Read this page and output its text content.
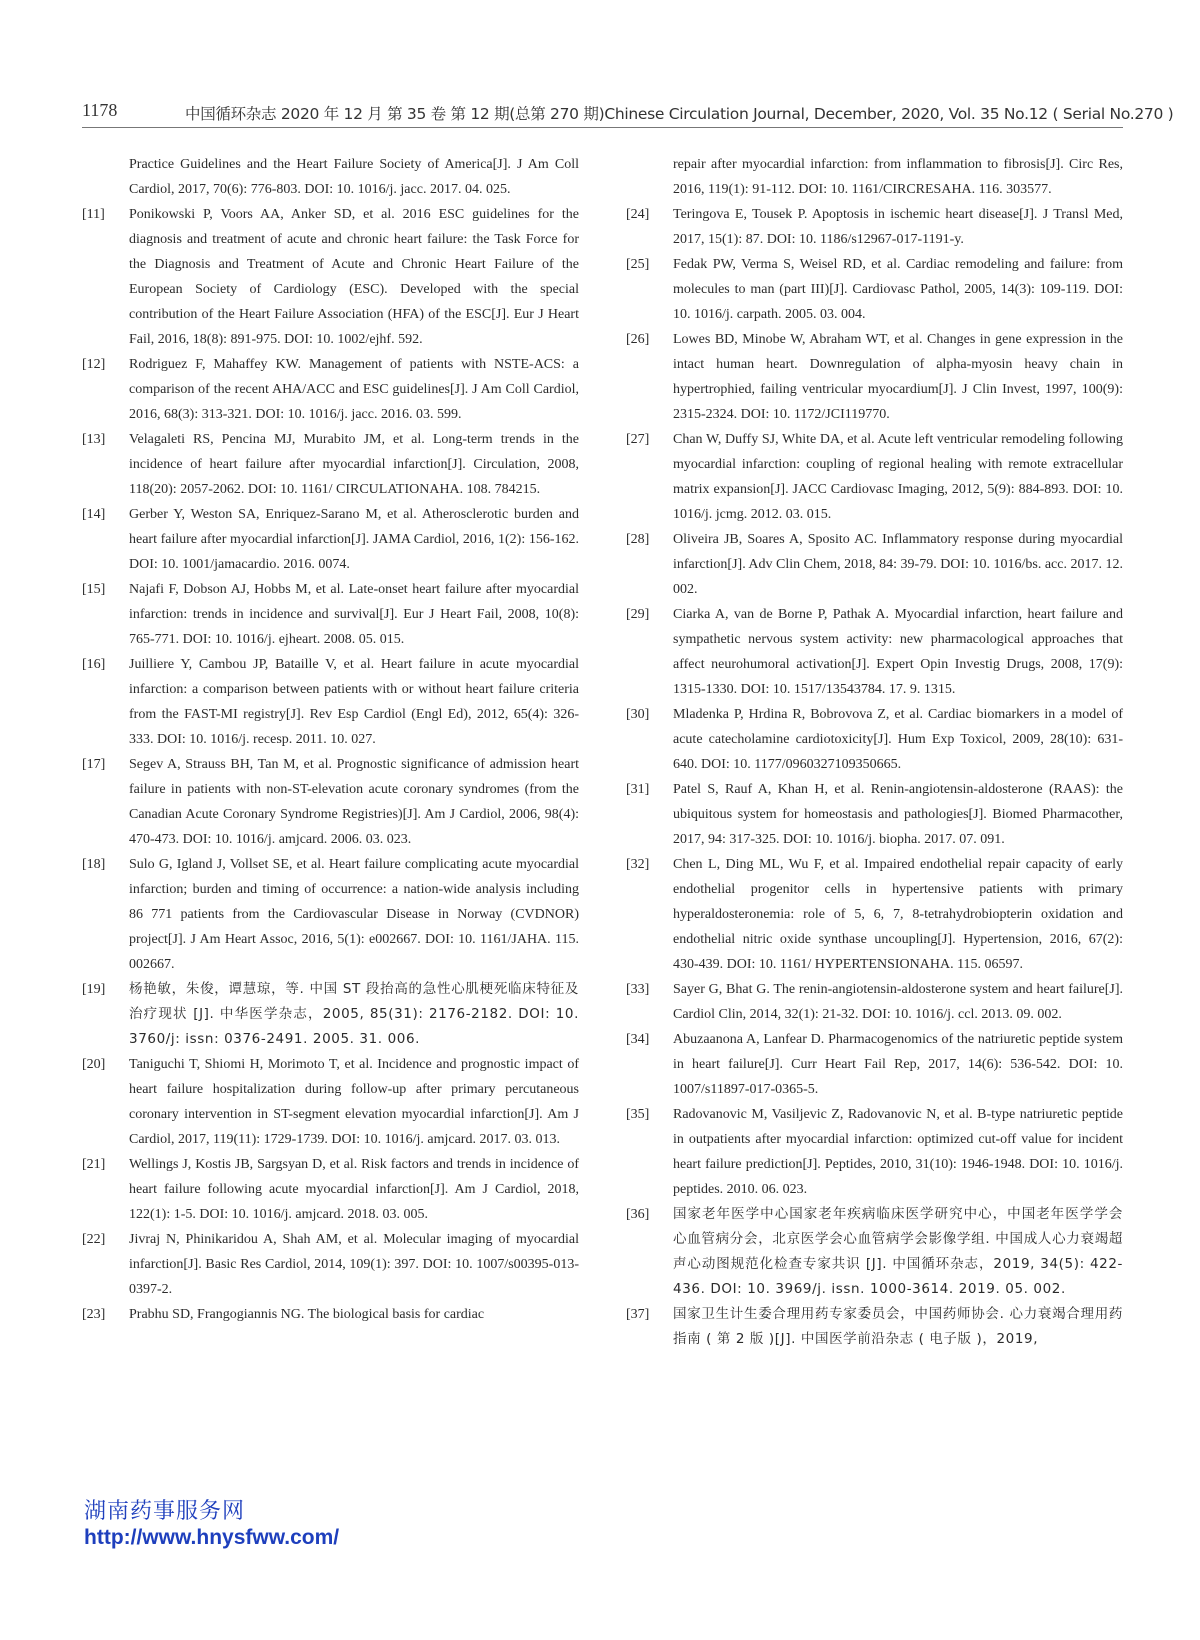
1178	中国循环杂志 2020 年 12 月 第 35 卷 第 12 期(总第 270 期)Chinese Circulation Journal, December, 2020, Vol. 35 No.12 ( Serial No.270 )
Practice Guidelines and the Heart Failure Society of America[J]. J Am Coll Cardiol, 2017, 70(6): 776-803. DOI: 10. 1016/j. jacc. 2017. 04. 025.
[11]	Ponikowski P, Voors AA, Anker SD, et al. 2016 ESC guidelines for the diagnosis and treatment of acute and chronic heart failure: the Task Force for the Diagnosis and Treatment of Acute and Chronic Heart Failure of the European Society of Cardiology (ESC). Developed with the special contribution of the Heart Failure Association (HFA) of the ESC[J]. Eur J Heart Fail, 2016, 18(8): 891-975. DOI: 10. 1002/ejhf. 592.
[12]	Rodriguez F, Mahaffey KW. Management of patients with NSTE-ACS: a comparison of the recent AHA/ACC and ESC guidelines[J]. J Am Coll Cardiol, 2016, 68(3): 313-321. DOI: 10. 1016/j. jacc. 2016. 03. 599.
[13]	Velagaleti RS, Pencina MJ, Murabito JM, et al. Long-term trends in the incidence of heart failure after myocardial infarction[J]. Circulation, 2008, 118(20): 2057-2062. DOI: 10. 1161/ CIRCULATIONAHA. 108. 784215.
[14]	Gerber Y, Weston SA, Enriquez-Sarano M, et al. Atherosclerotic burden and heart failure after myocardial infarction[J]. JAMA Cardiol, 2016, 1(2): 156-162. DOI: 10. 1001/jamacardio. 2016. 0074.
[15]	Najafi F, Dobson AJ, Hobbs M, et al. Late-onset heart failure after myocardial infarction: trends in incidence and survival[J]. Eur J Heart Fail, 2008, 10(8): 765-771. DOI: 10. 1016/j. ejheart. 2008. 05. 015.
[16]	Juilliere Y, Cambou JP, Bataille V, et al. Heart failure in acute myocardial infarction: a comparison between patients with or without heart failure criteria from the FAST-MI registry[J]. Rev Esp Cardiol (Engl Ed), 2012, 65(4): 326-333. DOI: 10. 1016/j. recesp. 2011. 10. 027.
[17]	Segev A, Strauss BH, Tan M, et al. Prognostic significance of admission heart failure in patients with non-ST-elevation acute coronary syndromes (from the Canadian Acute Coronary Syndrome Registries)[J]. Am J Cardiol, 2006, 98(4): 470-473. DOI: 10. 1016/j. amjcard. 2006. 03. 023.
[18]	Sulo G, Igland J, Vollset SE, et al. Heart failure complicating acute myocardial infarction; burden and timing of occurrence: a nation-wide analysis including 86 771 patients from the Cardiovascular Disease in Norway (CVDNOR) project[J]. J Am Heart Assoc, 2016, 5(1): e002667. DOI: 10. 1161/JAHA. 115. 002667.
[19]	杨艳敏，朱俊，谭慧琼，等. 中国 ST 段抬高的急性心肌梗死临床特征及治疗现状 [J]. 中华医学杂志，2005, 85(31): 2176-2182. DOI: 10. 3760/j: issn: 0376-2491. 2005. 31. 006.
[20]	Taniguchi T, Shiomi H, Morimoto T, et al. Incidence and prognostic impact of heart failure hospitalization during follow-up after primary percutaneous coronary intervention in ST-segment elevation myocardial infarction[J]. Am J Cardiol, 2017, 119(11): 1729-1739. DOI: 10. 1016/j. amjcard. 2017. 03. 013.
[21]	Wellings J, Kostis JB, Sargsyan D, et al. Risk factors and trends in incidence of heart failure following acute myocardial infarction[J]. Am J Cardiol, 2018, 122(1): 1-5. DOI: 10. 1016/j. amjcard. 2018. 03. 005.
[22]	Jivraj N, Phinikaridou A, Shah AM, et al. Molecular imaging of myocardial infarction[J]. Basic Res Cardiol, 2014, 109(1): 397. DOI: 10. 1007/s00395-013-0397-2.
[23]	Prabhu SD, Frangogiannis NG. The biological basis for cardiac
repair after myocardial infarction: from inflammation to fibrosis[J]. Circ Res, 2016, 119(1): 91-112. DOI: 10. 1161/CIRCRESAHA. 116. 303577.
[24]	Teringova E, Tousek P. Apoptosis in ischemic heart disease[J]. J Transl Med, 2017, 15(1): 87. DOI: 10. 1186/s12967-017-1191-y.
[25]	Fedak PW, Verma S, Weisel RD, et al. Cardiac remodeling and failure: from molecules to man (part III)[J]. Cardiovasc Pathol, 2005, 14(3): 109-119. DOI: 10. 1016/j. carpath. 2005. 03. 004.
[26]	Lowes BD, Minobe W, Abraham WT, et al. Changes in gene expression in the intact human heart. Downregulation of alpha-myosin heavy chain in hypertrophied, failing ventricular myocardium[J]. J Clin Invest, 1997, 100(9): 2315-2324. DOI: 10. 1172/JCI119770.
[27]	Chan W, Duffy SJ, White DA, et al. Acute left ventricular remodeling following myocardial infarction: coupling of regional healing with remote extracellular matrix expansion[J]. JACC Cardiovasc Imaging, 2012, 5(9): 884-893. DOI: 10. 1016/j. jcmg. 2012. 03. 015.
[28]	Oliveira JB, Soares A, Sposito AC. Inflammatory response during myocardial infarction[J]. Adv Clin Chem, 2018, 84: 39-79. DOI: 10. 1016/bs. acc. 2017. 12. 002.
[29]	Ciarka A, van de Borne P, Pathak A. Myocardial infarction, heart failure and sympathetic nervous system activity: new pharmacological approaches that affect neurohumoral activation[J]. Expert Opin Investig Drugs, 2008, 17(9): 1315-1330. DOI: 10. 1517/13543784. 17. 9. 1315.
[30]	Mladenka P, Hrdina R, Bobrovova Z, et al. Cardiac biomarkers in a model of acute catecholamine cardiotoxicity[J]. Hum Exp Toxicol, 2009, 28(10): 631-640. DOI: 10. 1177/0960327109350665.
[31]	Patel S, Rauf A, Khan H, et al. Renin-angiotensin-aldosterone (RAAS): the ubiquitous system for homeostasis and pathologies[J]. Biomed Pharmacother, 2017, 94: 317-325. DOI: 10. 1016/j. biopha. 2017. 07. 091.
[32]	Chen L, Ding ML, Wu F, et al. Impaired endothelial repair capacity of early endothelial progenitor cells in hypertensive patients with primary hyperaldosteronemia: role of 5, 6, 7, 8-tetrahydrobiopterin oxidation and endothelial nitric oxide synthase uncoupling[J]. Hypertension, 2016, 67(2): 430-439. DOI: 10. 1161/ HYPERTENSIONAHA. 115. 06597.
[33]	Sayer G, Bhat G. The renin-angiotensin-aldosterone system and heart failure[J]. Cardiol Clin, 2014, 32(1): 21-32. DOI: 10. 1016/j. ccl. 2013. 09. 002.
[34]	Abuzaanona A, Lanfear D. Pharmacogenomics of the natriuretic peptide system in heart failure[J]. Curr Heart Fail Rep, 2017, 14(6): 536-542. DOI: 10. 1007/s11897-017-0365-5.
[35]	Radovanovic M, Vasiljevic Z, Radovanovic N, et al. B-type natriuretic peptide in outpatients after myocardial infarction: optimized cut-off value for incident heart failure prediction[J]. Peptides, 2010, 31(10): 1946-1948. DOI: 10. 1016/j. peptides. 2010. 06. 023.
[36]	国家老年医学中心国家老年疾病临床医学研究中心，中国老年医学学会心血管病分会，北京医学会心血管病学会影像学组. 中国成人心力衰竭超声心动图规范化检查专家共识 [J]. 中国循环杂志，2019, 34(5): 422-436. DOI: 10. 3969/j. issn. 1000-3614. 2019. 05. 002.
[37]	国家卫生计生委合理用药专家委员会，中国药师协会. 心力衰竭合理用药指南 ( 第 2 版 )[J]. 中国医学前沿杂志 ( 电子版 )，2019,
湖南药事服务网
http://www.hnysfww.com/
